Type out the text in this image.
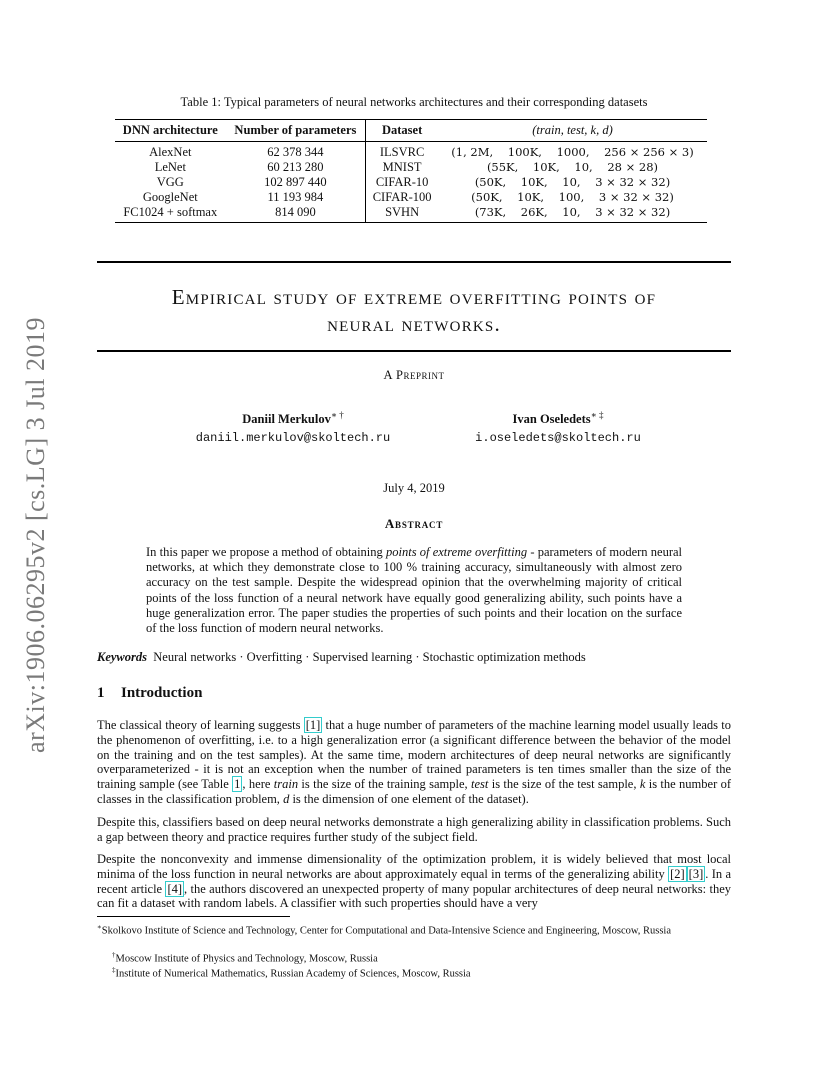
arXiv:1906.06295v2 [cs.LG] 3 Jul 2019
Table 1: Typical parameters of neural networks architectures and their corresponding datasets
DNN architecture	Number of parameters	Dataset	(train, test, k, d)
AlexNet	62 378 344	ILSVRC	(1, 2M,    100K,    1000,    256 × 256 × 3)
LeNet	60 213 280	MNIST	(55K,    10K,    10,    28 × 28)
VGG	102 897 440	CIFAR-10	(50K,    10K,    10,    3 × 32 × 32)
GoogleNet	11 193 984	CIFAR-100	(50K,    10K,    100,    3 × 32 × 32)
FC1024 + softmax	814 090	SVHN	(73K,    26K,    10,    3 × 32 × 32)
Empirical study of extreme overfitting points of
neural networks.
A Preprint
Daniil Merkulov∗ †
daniil.merkulov@skoltech.ru
Ivan Oseledets∗ ‡
i.oseledets@skoltech.ru
July 4, 2019
Abstract
In this paper we propose a method of obtaining points of extreme overfitting - parameters of modern neural networks, at which they demonstrate close to 100 % training accuracy, simultaneously with almost zero accuracy on the test sample. Despite the widespread opinion that the overwhelming majority of critical points of the loss function of a neural network have equally good generalizing ability, such points have a huge generalization error. The paper studies the properties of such points and their location on the surface of the loss function of modern neural networks.
Keywords Neural networks · Overfitting · Supervised learning · Stochastic optimization methods
1 Introduction
The classical theory of learning suggests [1] that a huge number of parameters of the machine learning model usually leads to the phenomenon of overfitting, i.e. to a high generalization error (a significant difference between the behavior of the model on the training and on the test samples). At the same time, modern architectures of deep neural networks are significantly overparameterized - it is not an exception when the number of trained parameters is ten times smaller than the size of the training sample (see Table 1 , here train is the size of the training sample, test is the size of the test sample, k is the number of classes in the classification problem, d is the dimension of one element of the dataset).
Despite this, classifiers based on deep neural networks demonstrate a high generalizing ability in classification problems. Such a gap between theory and practice requires further study of the subject field.
Despite the nonconvexity and immense dimensionality of the optimization problem, it is widely believed that most local minima of the loss function in neural networks are about approximately equal in terms of the generalizing ability [2] [3] . In a recent article [4] , the authors discovered an unexpected property of many popular architectures of deep neural networks: they can fit a dataset with random labels. A classifier with such properties should have a very
∗Skolkovo Institute of Science and Technology, Center for Computational and Data-Intensive Science and Engineering, Moscow, Russia
†Moscow Institute of Physics and Technology, Moscow, Russia
‡Institute of Numerical Mathematics, Russian Academy of Sciences, Moscow, Russia
